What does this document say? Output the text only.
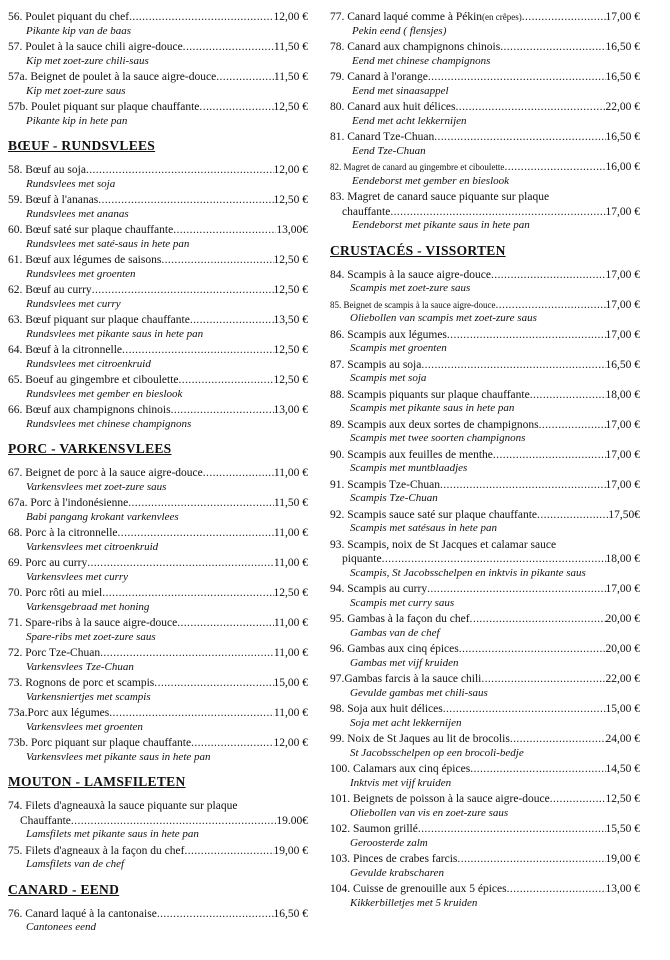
56. Poulet piquant du chef .....	12,00 €
Pikante kip van de baas
57. Poulet à la sauce chili aigre-douce .....	11,50 €
Kip met zoet-zure chili-saus
57a. Beignet de poulet à la sauce aigre-douce .....	11,50 €
Kip met zoet-zure saus
57b. Poulet piquant sur plaque chauffante .....	12,50 €
Pikante kip in hete pan
BŒUF - RUNDSVLEES
58. Bœuf au soja .....	12,00 €
Rundsvlees met soja
59. Bœuf à l'ananas .....	12,50 €
Rundsvlees met ananas
60. Bœuf saté sur plaque chauffante .....	13,00€
Rundsvlees met saté-saus in hete pan
61. Bœuf aux légumes de saisons .....	12,50 €
Rundsvlees met groenten
62. Bœuf au curry .....	12,50 €
Rundsvlees met curry
63. Bœuf piquant sur plaque chauffante .....	13,50 €
Rundsvlees met pikante saus in hete pan
64. Bœuf à la citronnelle .....	12,50 €
Rundsvlees met citroenkruid
65. Boeuf au gingembre et ciboulette .....	12,50 €
Rundsvlees met gember en bieslook
66. Bœuf aux champignons chinois .....	13,00 €
Rundsvlees met chinese champignons
PORC - VARKENSVLEES
67. Beignet de porc à la sauce aigre-douce .....	11,00 €
Varkensvlees met zoet-zure saus
67a. Porc à l'indonésienne .....	11,50 €
Babi pangang krokant varkenvlees
68. Porc à la citronnelle .....	11,00 €
Varkensvlees met citroenkruid
69. Porc au curry .....	11,00 €
Varkensvlees met curry
70. Porc rôti au miel .....	12,50 €
Varkensgebraad met honing
71. Spare-ribs à la sauce aigre-douce .....	11,00 €
Spare-ribs met zoet-zure saus
72. Porc Tze-Chuan .....	11,00 €
Varkensvlees Tze-Chuan
73. Rognons de porc et scampis .....	15,00 €
Varkensniertjes met scampis
73a.Porc aux légumes .....	11,00 €
Varkensvlees met groenten
73b. Porc piquant sur plaque chauffante .....	12,00 €
Varkensvlees met pikante saus in hete pan
MOUTON - LAMSFILETEN
74. Filets d'agneauxà la sauce piquante sur plaque
Chauffante .....	19.00€
Lamsfilets met pikante saus in hete pan
75. Filets d'agneaux à la façon du chef .....	19,00 €
Lamsfilets van de chef
CANARD - EEND
76. Canard laqué à la cantonaise .....	16,50 €
Cantonees eend
77. Canard laqué comme à Pékin(en crêpes) .....	17,00 €
Pekin eend ( flensjes)
78. Canard aux champignons chinois .....	16,50 €
Eend met chinese champignons
79. Canard à l'orange .....	16,50 €
Eend met sinaasappel
80. Canard aux huit délices .....	22,00 €
Eend met acht lekkernijen
81. Canard Tze-Chuan .....	16,50 €
Eend Tze-Chuan
82. Magret de canard au gingembre et ciboulette .....	16,00 €
Eendeborst met gember en bieslook
83. Magret de canard sauce piquante sur plaque
chauffante .....	17,00 €
Eendeborst met pikante saus in hete pan
CRUSTACÉS - VISSORTEN
84. Scampis à la sauce aigre-douce .....	17,00 €
Scampis met zoet-zure saus
85. Beignet de scampis à la sauce aigre-douce .....	17,00 €
Oliebollen van scampis met zoet-zure saus
86. Scampis aux légumes .....	17,00 €
Scampis met groenten
87. Scampis au soja .....	16,50 €
Scampis met soja
88. Scampis piquants sur plaque chauffante .....	18,00 €
Scampis met pikante saus in hete pan
89. Scampis aux deux sortes de champignons .....	17,00 €
Scampis met twee soorten champignons
90. Scampis aux feuilles de menthe .....	17,00 €
Scampis met muntblaadjes
91. Scampis Tze-Chuan .....	17,00 €
Scampis Tze-Chuan
92. Scampis sauce saté sur plaque chauffante .....	17,50€
Scampis met satésaus in hete pan
93. Scampis, noix de St Jacques et calamar sauce
piquante .....	18,00 €
Scampis, St Jacobsschelpen en inktvis in pikante saus
94. Scampis au curry .....	17,00 €
Scampis met curry saus
95. Gambas à la façon du chef .....	20,00 €
Gambas van de chef
96. Gambas aux cinq épices .....	20,00 €
Gambas met vijf kruiden
97.Gambas farcis à la sauce chili .....	22,00 €
Gevulde gambas met chili-saus
98. Soja aux huit délices .....	15,00 €
Soja met acht lekkernijen
99. Noix de St Jaques au lit de brocolis .....	24,00 €
St Jacobsschelpen op een brocoli-bedje
100. Calamars aux cinq épices .....	14,50 €
Inktvis met vijf kruiden
101. Beignets de poisson à la sauce aigre-douce .....	12,50 €
Oliebollen van vis en zoet-zure saus
102. Saumon grillé .....	15,50 €
Geroosterde zalm
103. Pinces de crabes farcis .....	19,00 €
Gevulde krabscharen
104. Cuisse de grenouille aux 5 épices .....	13,00 €
Kikkerbilletjes met 5 kruiden
